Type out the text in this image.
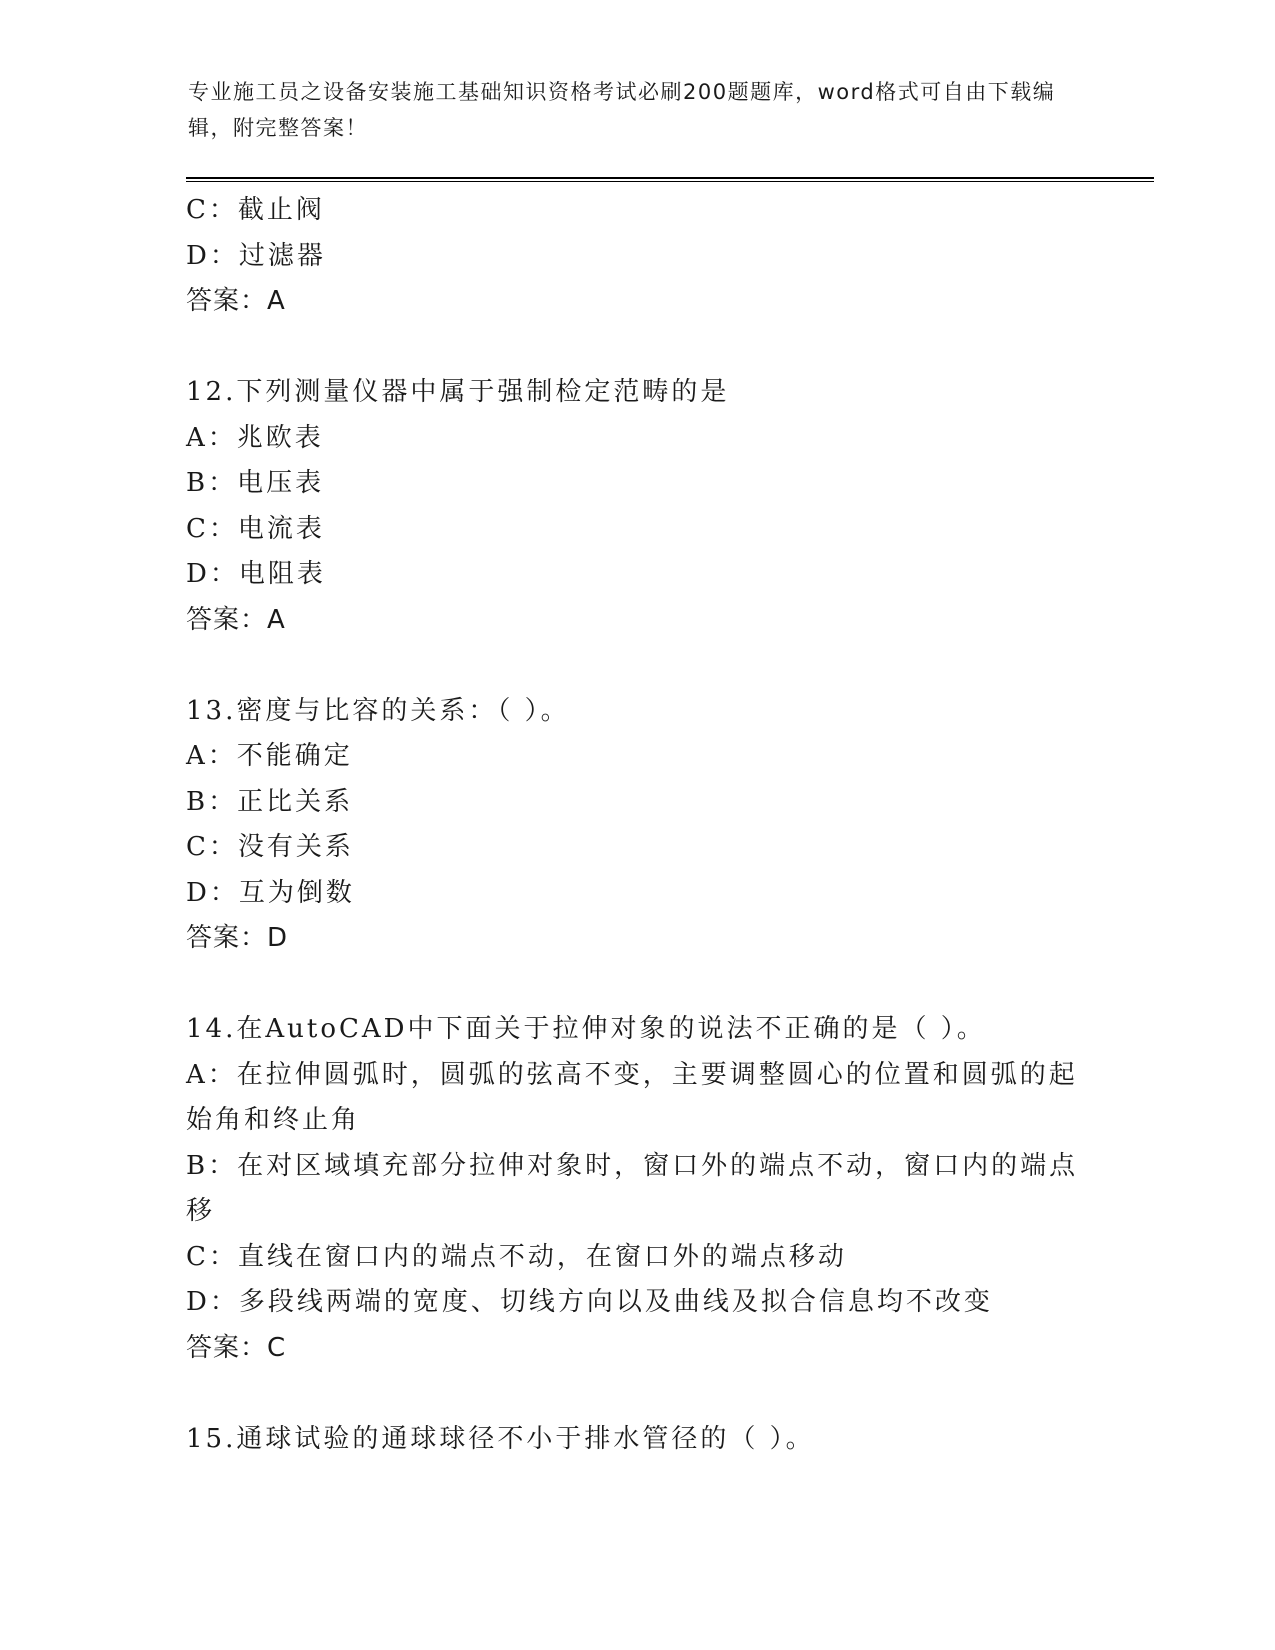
专业施工员之设备安装施工基础知识资格考试必刷200题题库，word格式可自由下载编辑，附完整答案！
C：截止阀
D：过滤器
答案：A
12.下列测量仪器中属于强制检定范畴的是
A：兆欧表
B：电压表
C：电流表
D：电阻表
答案：A
13.密度与比容的关系：（ ）。
A：不能确定
B：正比关系
C：没有关系
D：互为倒数
答案：D
14.在AutoCAD中下面关于拉伸对象的说法不正确的是（ ）。
A：在拉伸圆弧时，圆弧的弦高不变，主要调整圆心的位置和圆弧的起始角和终止角
B：在对区域填充部分拉伸对象时，窗口外的端点不动，窗口内的端点移
C：直线在窗口内的端点不动，在窗口外的端点移动
D：多段线两端的宽度、切线方向以及曲线及拟合信息均不改变
答案：C
15.通球试验的通球球径不小于排水管径的（ ）。
